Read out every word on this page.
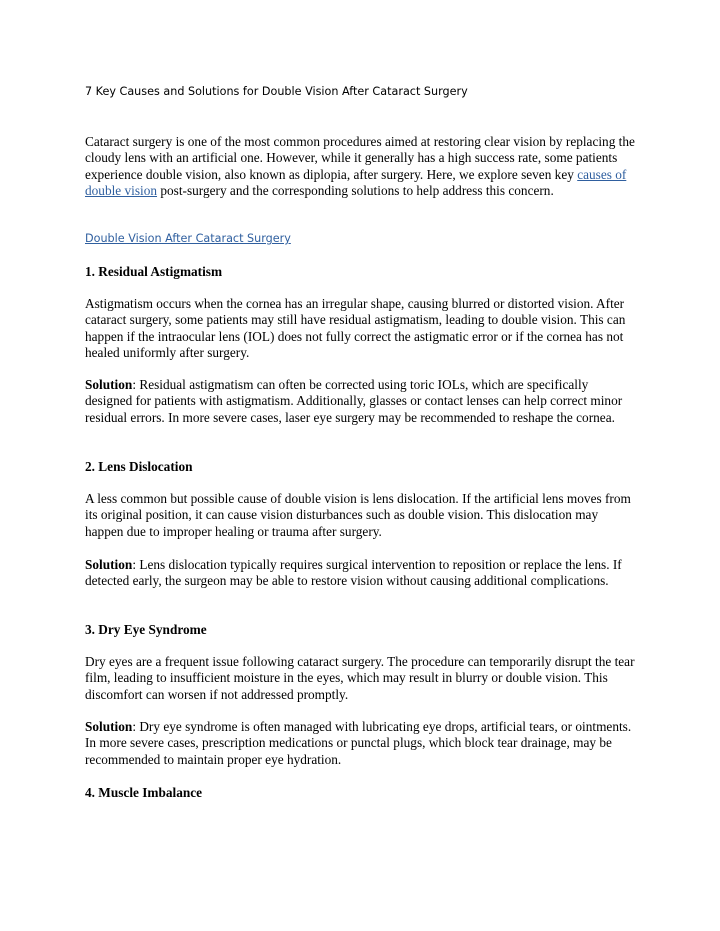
7 Key Causes and Solutions for Double Vision After Cataract Surgery
Cataract surgery is one of the most common procedures aimed at restoring clear vision by replacing the cloudy lens with an artificial one. However, while it generally has a high success rate, some patients experience double vision, also known as diplopia, after surgery. Here, we explore seven key causes of double vision post-surgery and the corresponding solutions to help address this concern.
Double Vision After Cataract Surgery
1. Residual Astigmatism
Astigmatism occurs when the cornea has an irregular shape, causing blurred or distorted vision. After cataract surgery, some patients may still have residual astigmatism, leading to double vision. This can happen if the intraocular lens (IOL) does not fully correct the astigmatic error or if the cornea has not healed uniformly after surgery.
Solution: Residual astigmatism can often be corrected using toric IOLs, which are specifically designed for patients with astigmatism. Additionally, glasses or contact lenses can help correct minor residual errors. In more severe cases, laser eye surgery may be recommended to reshape the cornea.
2. Lens Dislocation
A less common but possible cause of double vision is lens dislocation. If the artificial lens moves from its original position, it can cause vision disturbances such as double vision. This dislocation may happen due to improper healing or trauma after surgery.
Solution: Lens dislocation typically requires surgical intervention to reposition or replace the lens. If detected early, the surgeon may be able to restore vision without causing additional complications.
3. Dry Eye Syndrome
Dry eyes are a frequent issue following cataract surgery. The procedure can temporarily disrupt the tear film, leading to insufficient moisture in the eyes, which may result in blurry or double vision. This discomfort can worsen if not addressed promptly.
Solution: Dry eye syndrome is often managed with lubricating eye drops, artificial tears, or ointments. In more severe cases, prescription medications or punctal plugs, which block tear drainage, may be recommended to maintain proper eye hydration.
4. Muscle Imbalance
